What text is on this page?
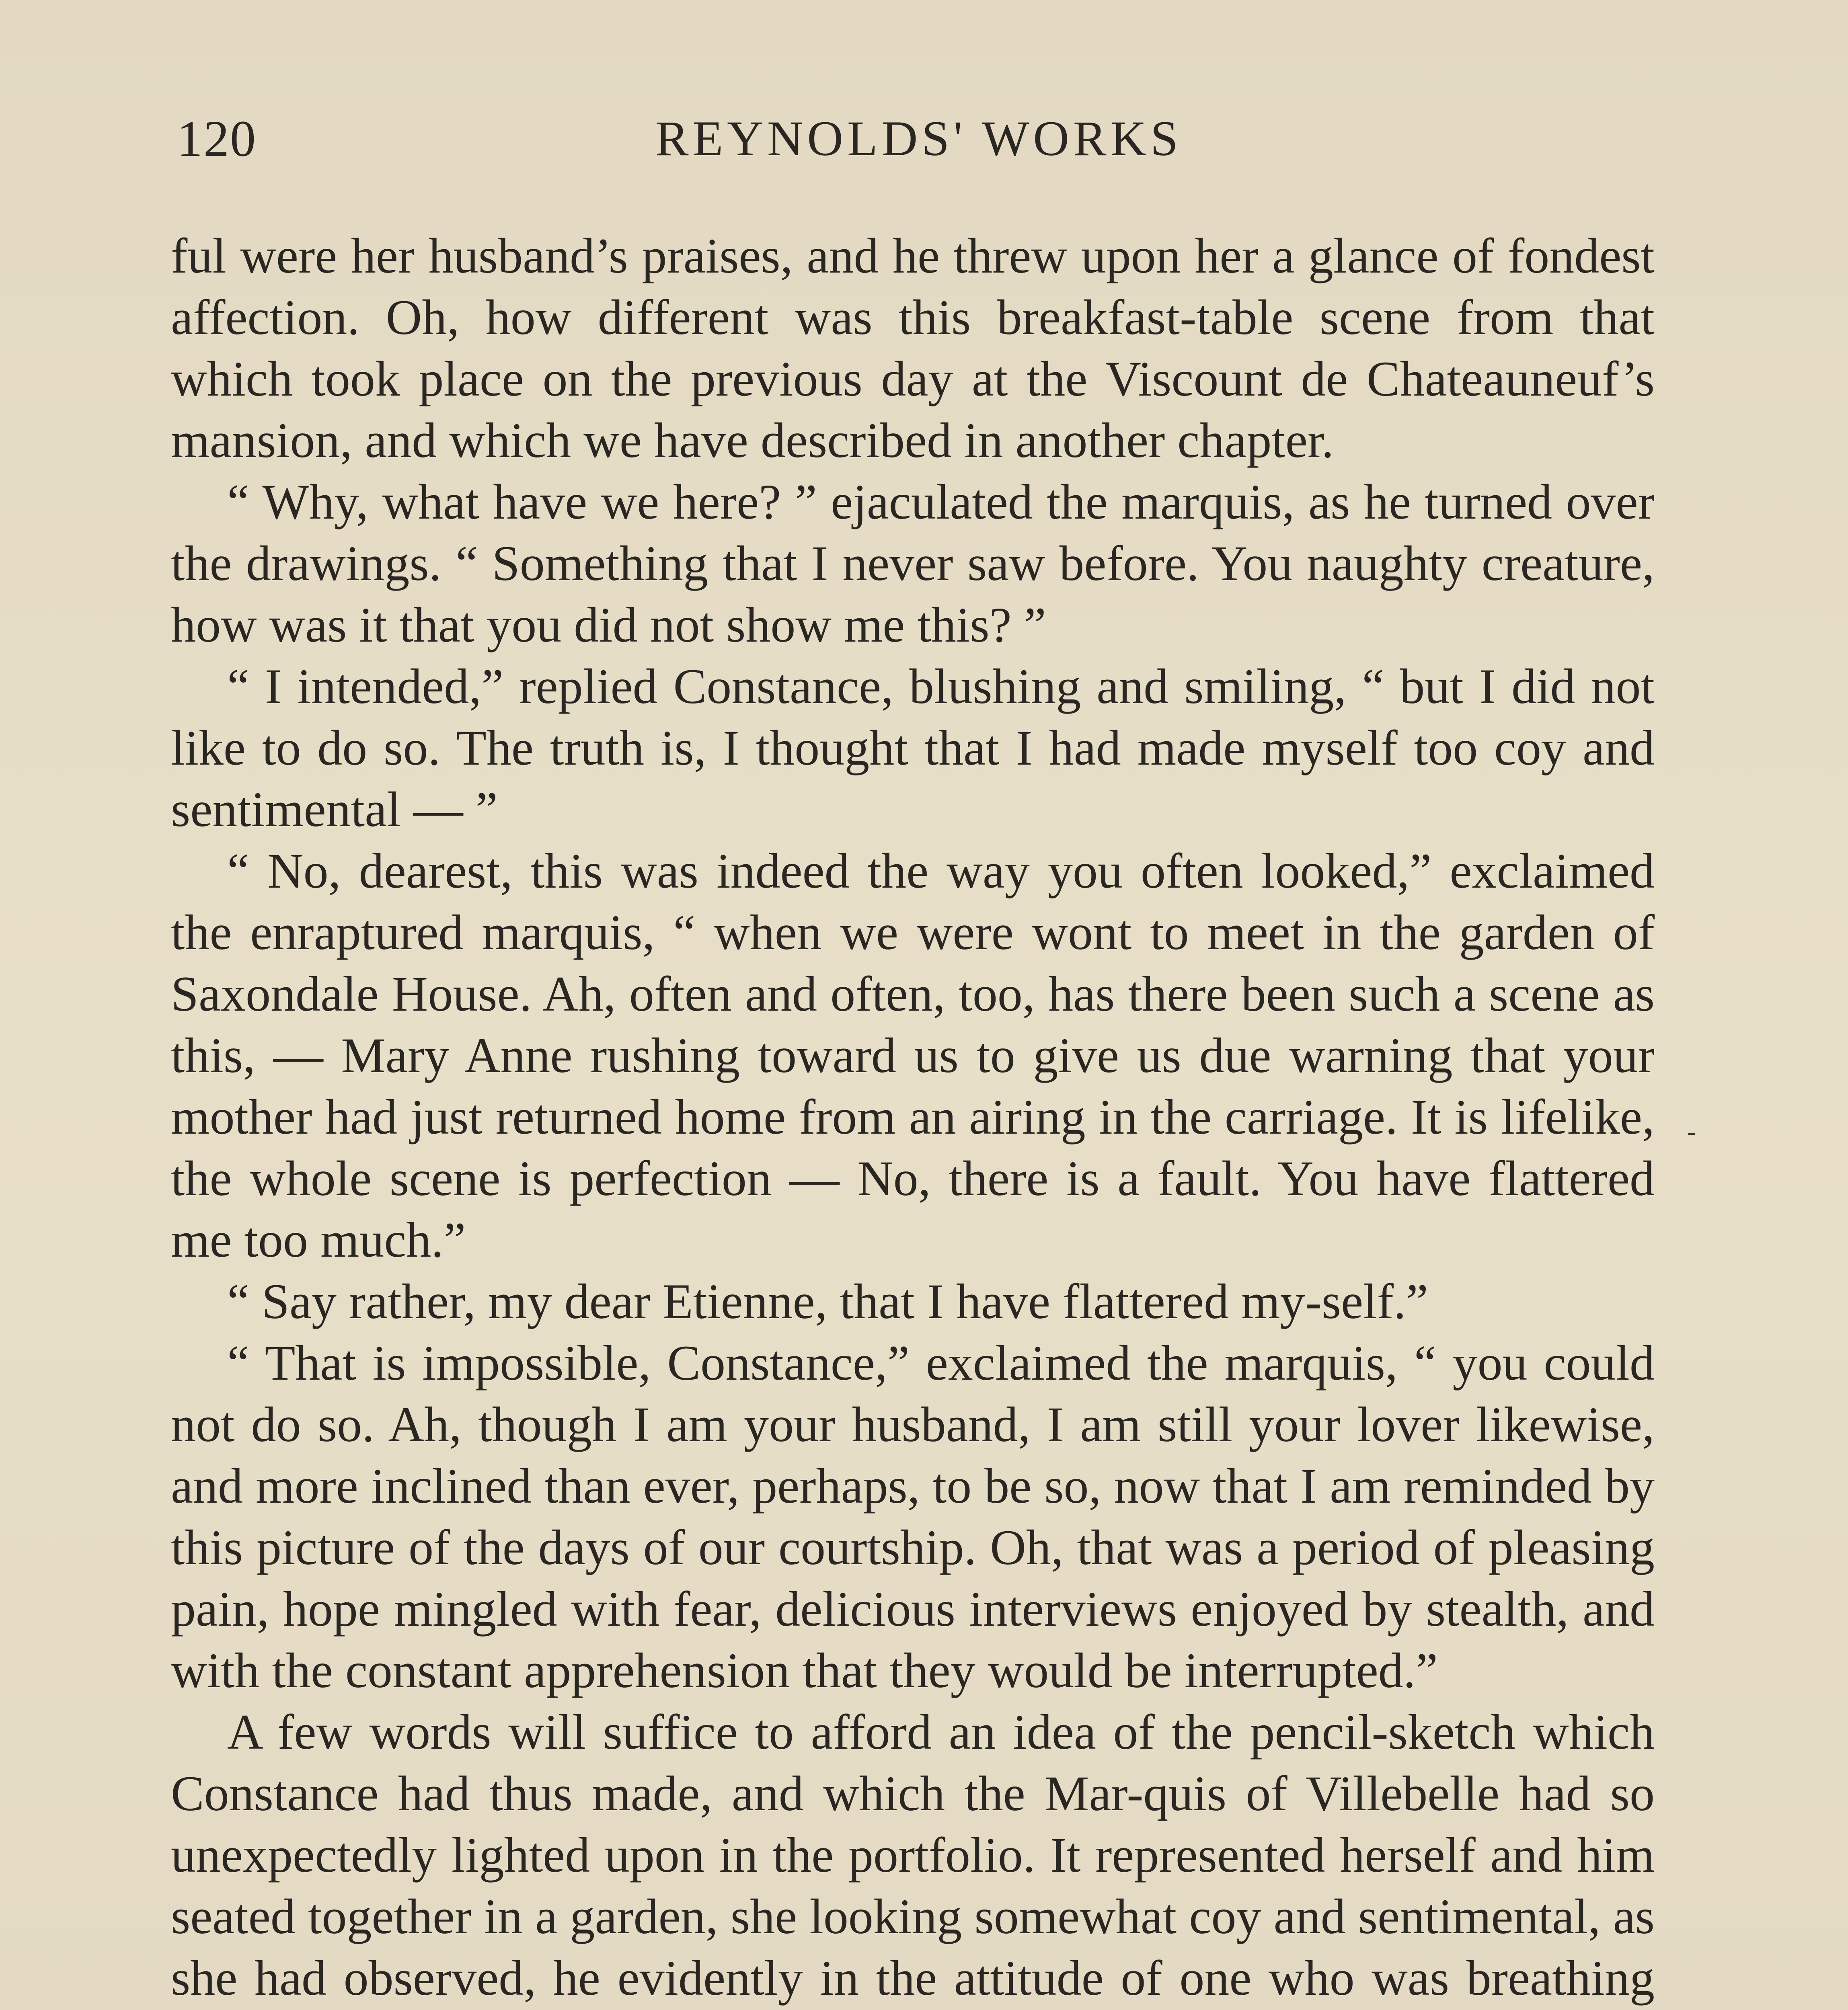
120	REYNOLDS' WORKS

ful were her husband’s praises, and he threw upon her a glance of fondest affection. Oh, how different was this breakfast-table scene from that which took place on the previous day at the Viscount de Chateauneuf’s mansion, and which we have described in another chapter.

“ Why, what have we here? ” ejaculated the marquis, as he turned over the drawings. “ Something that I never saw before. You naughty creature, how was it that you did not show me this? ”

“ I intended,” replied Constance, blushing and smiling, “ but I did not like to do so. The truth is, I thought that I had made myself too coy and sentimental — ”

“ No, dearest, this was indeed the way you often looked,” exclaimed the enraptured marquis, “ when we were wont to meet in the garden of Saxondale House. Ah, often and often, too, has there been such a scene as this, — Mary Anne rushing toward us to give us due warning that your mother had just returned home from an airing in the carriage. It is lifelike, the whole scene is perfection — No, there is a fault. You have flattered me too much.”

“ Say rather, my dear Etienne, that I have flattered my-self.”

“ That is impossible, Constance,” exclaimed the marquis, “ you could not do so. Ah, though I am your husband, I am still your lover likewise, and more inclined than ever, perhaps, to be so, now that I am reminded by this picture of the days of our courtship. Oh, that was a period of pleasing pain, hope mingled with fear, delicious interviews enjoyed by stealth, and with the constant apprehension that they would be interrupted.”

A few words will suffice to afford an idea of the pencil-sketch which Constance had thus made, and which the Mar-quis of Villebelle had so unexpectedly lighted upon in the portfolio. It represented herself and him seated together in a garden, she looking somewhat coy and sentimental, as she had observed, he evidently in the attitude of one who was breathing

-
